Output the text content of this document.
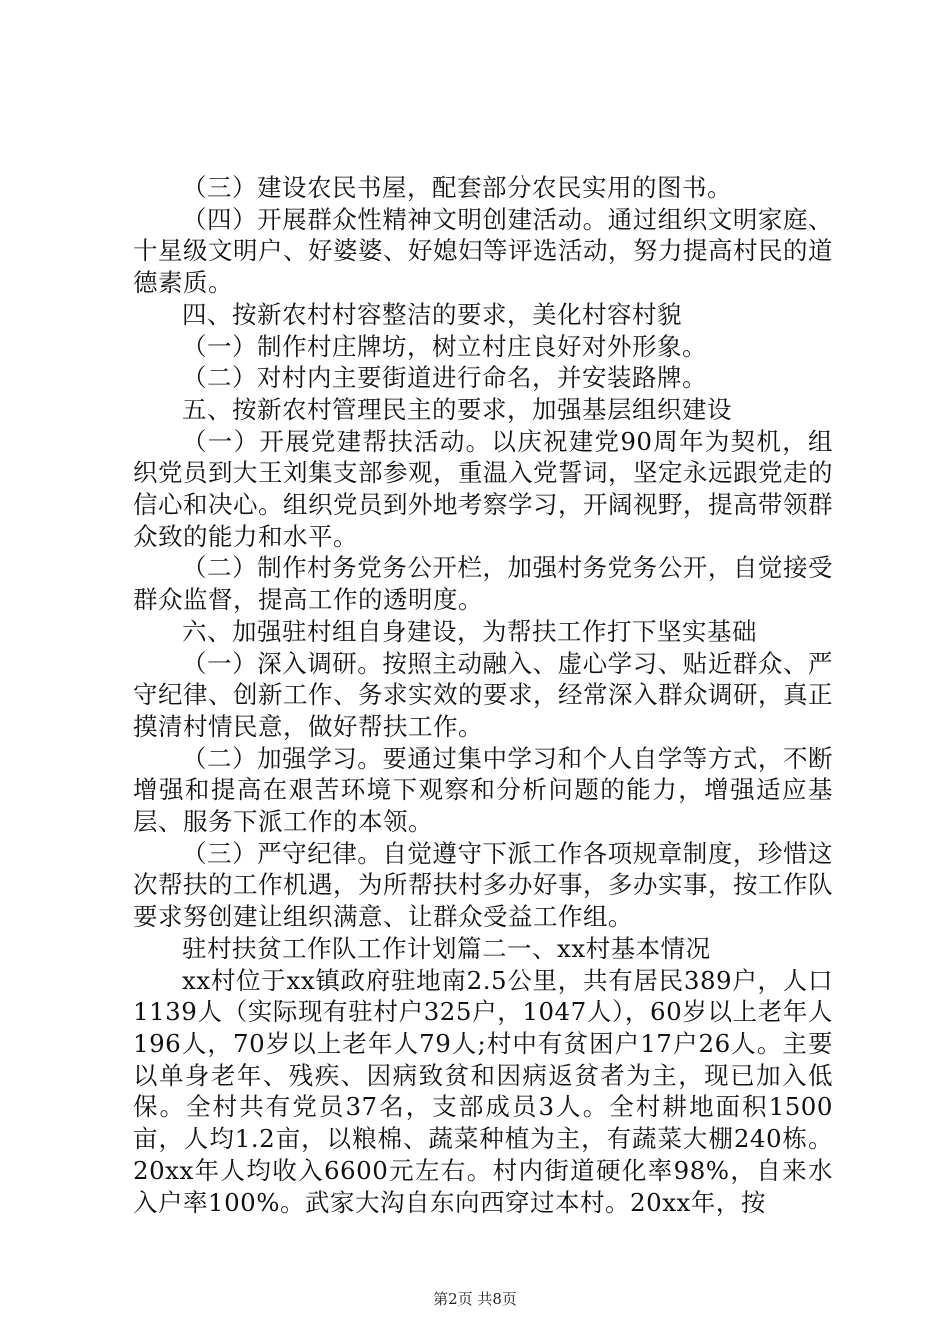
（三）建设农民书屋，配套部分农民实用的图书。

（四）开展群众性精神文明创建活动。通过组织文明家庭、十星级文明户、好婆婆、好媳妇等评选活动，努力提高村民的道德素质。

四、按新农村村容整洁的要求，美化村容村貌

（一）制作村庄牌坊，树立村庄良好对外形象。

（二）对村内主要街道进行命名，并安装路牌。

五、按新农村管理民主的要求，加强基层组织建设

（一）开展党建帮扶活动。以庆祝建党90周年为契机，组织党员到大王刘集支部参观，重温入党誓词，坚定永远跟党走的信心和决心。组织党员到外地考察学习，开阔视野，提高带领群众致的能力和水平。

（二）制作村务党务公开栏，加强村务党务公开，自觉接受群众监督，提高工作的透明度。

六、加强驻村组自身建设，为帮扶工作打下坚实基础

（一）深入调研。按照主动融入、虚心学习、贴近群众、严守纪律、创新工作、务求实效的要求，经常深入群众调研，真正摸清村情民意，做好帮扶工作。

（二）加强学习。要通过集中学习和个人自学等方式，不断增强和提高在艰苦环境下观察和分析问题的能力，增强适应基层、服务下派工作的本领。

（三）严守纪律。自觉遵守下派工作各项规章制度，珍惜这次帮扶的工作机遇，为所帮扶村多办好事，多办实事，按工作队要求努创建让组织满意、让群众受益工作组。

驻村扶贫工作队工作计划篇二一、xx村基本情况

xx村位于xx镇政府驻地南2.5公里，共有居民389户，人口1139人（实际现有驻村户325户，1047人），60岁以上老年人196人，70岁以上老年人79人;村中有贫困户17户26人。主要以单身老年、残疾、因病致贫和因病返贫者为主，现已加入低保。全村共有党员37名，支部成员3人。全村耕地面积1500亩，人均1.2亩，以粮棉、蔬菜种植为主，有蔬菜大棚240栋。20xx年人均收入6600元左右。村内街道硬化率98%，自来水入户率100%。武家大沟自东向西穿过本村。20xx年，按

第2页 共8页
